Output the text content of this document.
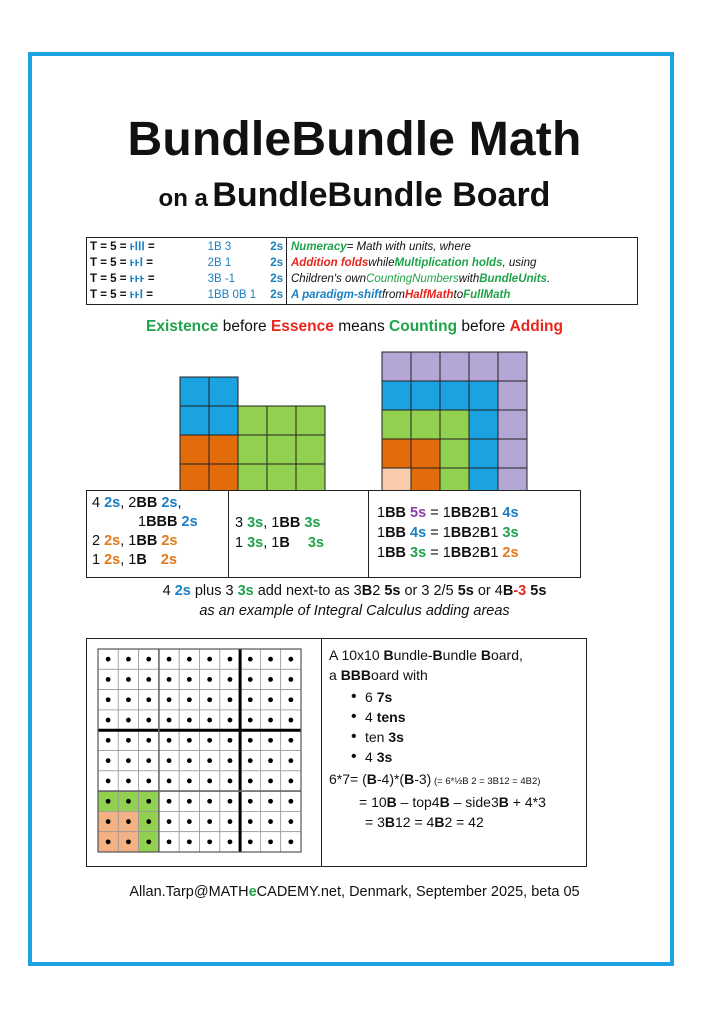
BundleBundle Math
on a BundleBundle Board
T = 5 = ⱶⅠⅠⅠ =	1B 3	2s
T = 5 = ⱶⱶⅠ =	2B 1	2s
T = 5 = ⱶⱶⱶ =	3B -1	2s
T = 5 = ⱶⱶⅠ =	1BB 0B 1	2s
Numeracy = Math with units, where
Addition folds while Multiplication holds , using
Children's own CountingNumbers with BundleUnits .
A paradigm-shift from HalfMath to FullMath
Existence before Essence means Counting before Adding
4 2s, 2BB 2s,
1BBB 2s
2 2s, 1BB 2s
1 2s, 1B 2s
3 3s, 1BB 3s
1 3s, 1B 3s
1BB 5s = 1BB2B1 4s
1BB 4s = 1BB2B1 3s
1BB 3s = 1BB2B1 2s
4 2s plus 3 3s add next-to as 3B2 5s or 3 2/5 5s or 4B-3 5s
as an example of Integral Calculus adding areas
A 10x10 Bundle-Bundle Board,
a BBBoard with
• 6 7s
• 4 tens
• ten 3s
• 4 3s
6*7= (B-4)*(B-3) (= 6*½B 2 = 3B12 = 4B2)
= 10B – top4B – side3B + 4*3
= 3B12 = 4B2 = 42
Allan.Tarp@MATHeCADEMY.net, Denmark, September 2025, beta 05
